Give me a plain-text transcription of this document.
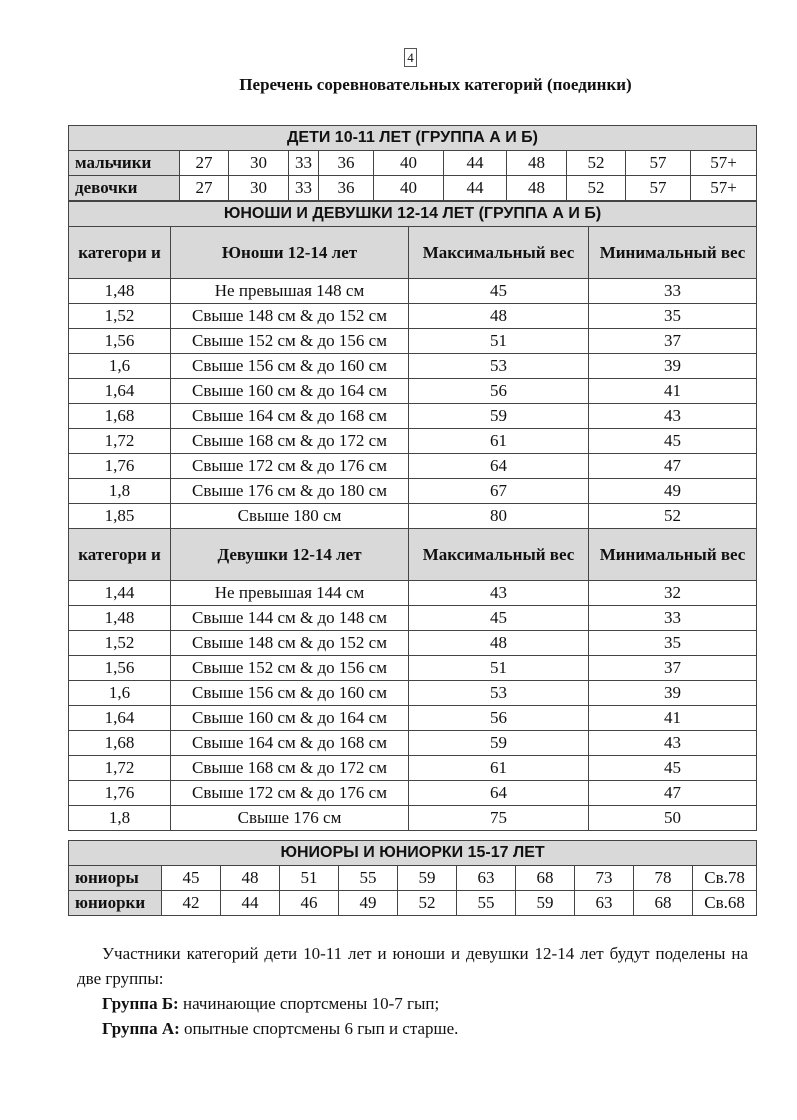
4
Перечень соревновательных категорий (поединки)
ДЕТИ 10-11 ЛЕТ (ГРУППА А И Б)										
мальчики	27	30	33	36	40	44	48	52	57	57+
девочки	27	30	33	36	40	44	48	52	57	57+
ЮНОШИ И ДЕВУШКИ 12-14 ЛЕТ (ГРУППА А И Б)			
категори и	Юноши 12-14 лет	Максимальный вес	Минимальный вес
1,48	Не превышая 148 см	45	33
1,52	Свыше 148 см & до 152 см	48	35
1,56	Свыше 152 см & до 156 см	51	37
1,6	Свыше 156 см & до 160 см	53	39
1,64	Свыше 160 см & до 164 см	56	41
1,68	Свыше 164 см & до 168 см	59	43
1,72	Свыше 168 см & до 172 см	61	45
1,76	Свыше 172 см & до 176 см	64	47
1,8	Свыше 176 см & до 180 см	67	49
1,85	Свыше 180 см	80	52
категори и	Девушки 12-14 лет	Максимальный вес	Минимальный вес
1,44	Не превышая 144 см	43	32
1,48	Свыше 144 см & до 148 см	45	33
1,52	Свыше 148 см & до 152 см	48	35
1,56	Свыше 152 см & до 156 см	51	37
1,6	Свыше 156 см & до 160 см	53	39
1,64	Свыше 160 см & до 164 см	56	41
1,68	Свыше 164 см & до 168 см	59	43
1,72	Свыше 168 см & до 172 см	61	45
1,76	Свыше 172 см & до 176 см	64	47
1,8	Свыше 176 см	75	50
ЮНИОРЫ И ЮНИОРКИ 15-17 ЛЕТ										
юниоры	45	48	51	55	59	63	68	73	78	Св.78
юниорки	42	44	46	49	52	55	59	63	68	Св.68
Участники категорий дети 10-11 лет и юноши и девушки 12-14 лет будут поделены на две группы:
Группа Б: начинающие спортсмены 10-7 гып;
Группа А: опытные спортсмены 6 гып и старше.
